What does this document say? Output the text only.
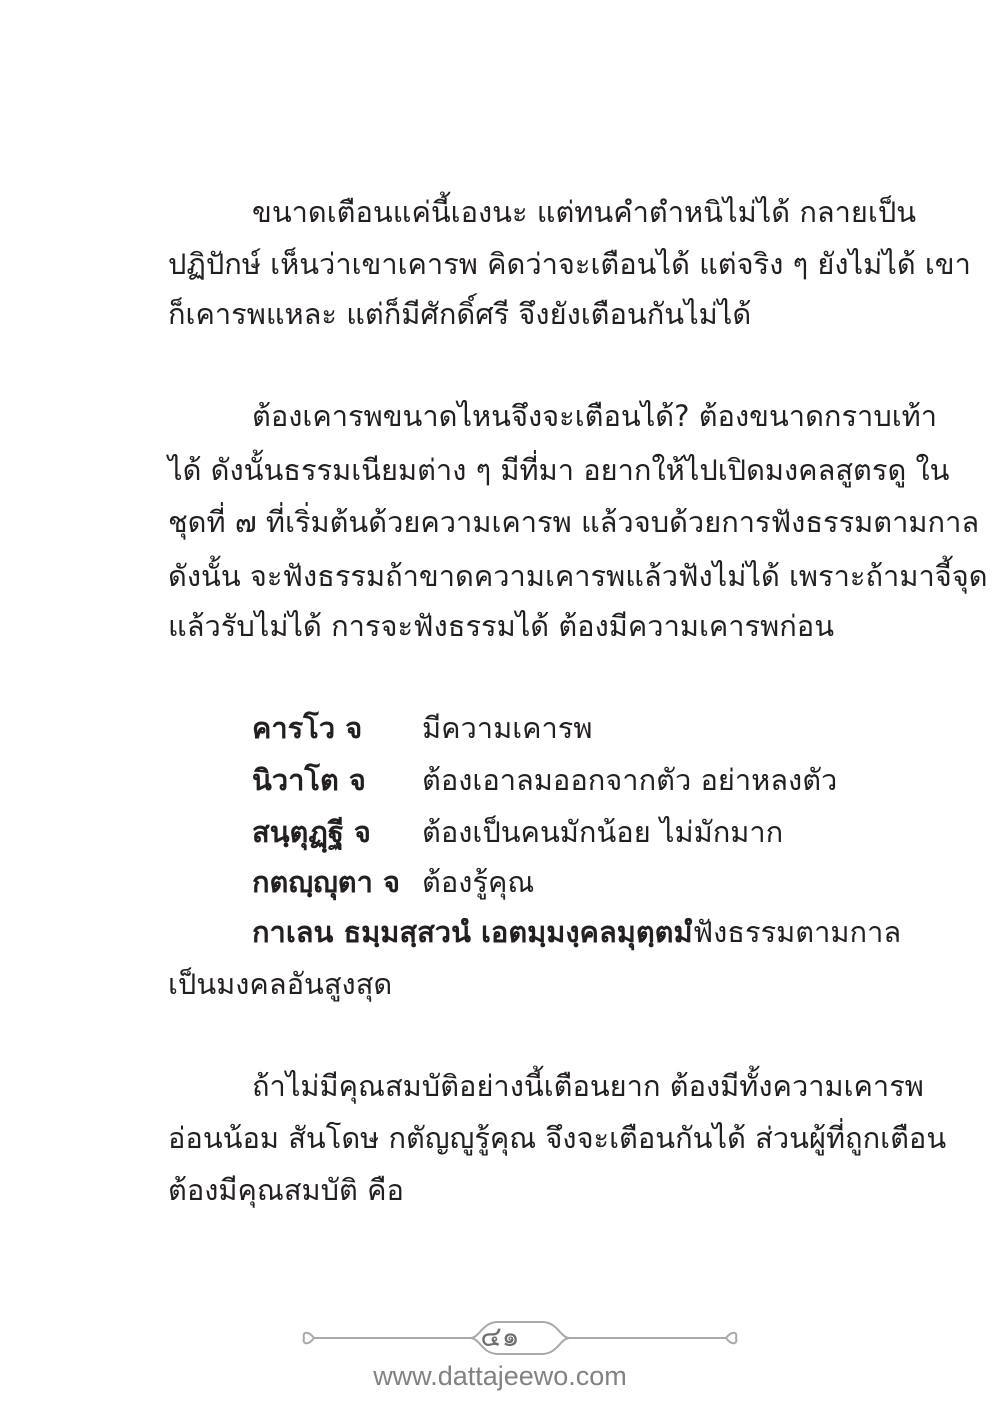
ขนาดเตือนแค่นี้เองนะ แต่ทนคำตำหนิไม่ได้ กลายเป็น
ปฏิปักษ์ เห็นว่าเขาเคารพ คิดว่าจะเตือนได้ แต่จริง ๆ ยังไม่ได้ เขา
ก็เคารพแหละ แต่ก็มีศักดิ์ศรี จึงยังเตือนกันไม่ได้
ต้องเคารพขนาดไหนจึงจะเตือนได้? ต้องขนาดกราบเท้า
ได้ ดังนั้นธรรมเนียมต่าง ๆ มีที่มา อยากให้ไปเปิดมงคลสูตรดู ใน
ชุดที่ ๗ ที่เริ่มต้นด้วยความเคารพ แล้วจบด้วยการฟังธรรมตามกาล
ดังนั้น จะฟังธรรมถ้าขาดความเคารพแล้วฟังไม่ได้ เพราะถ้ามาจี้จุด
แล้วรับไม่ได้ การจะฟังธรรมได้ ต้องมีความเคารพก่อน
คารโว จ มีความเคารพ
นิวาโต จ ต้องเอาลมออกจากตัว อย่าหลงตัว
สนฺตุฏฺฐี จ ต้องเป็นคนมักน้อย ไม่มักมาก
กตญฺญุตา จ ต้องรู้คุณ
กาเลน ธมฺมสฺสวนํ เอตมฺมงฺคลมุตฺตมํ ฟังธรรมตามกาล
เป็นมงคลอันสูงสุด
ถ้าไม่มีคุณสมบัติอย่างนี้เตือนยาก ต้องมีทั้งความเคารพ
อ่อนน้อม สันโดษ กตัญญูรู้คุณ จึงจะเตือนกันได้ ส่วนผู้ที่ถูกเตือน
ต้องมีคุณสมบัติ คือ
๔๑
www.dattajeewo.com
